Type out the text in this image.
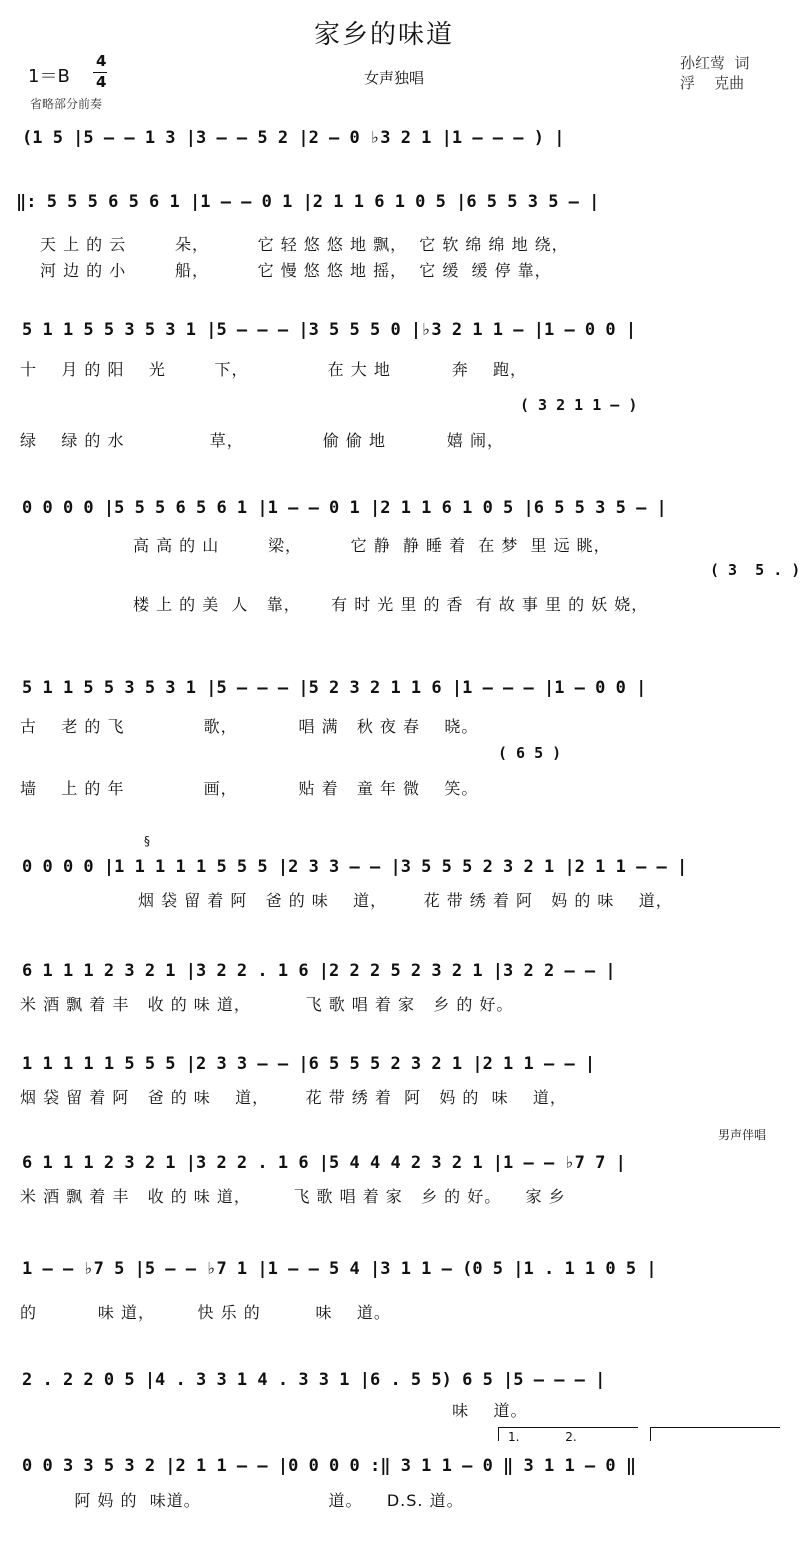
家乡的味道
1＝B
4
4	女声独唱
孙红莺  词
浮    克曲
省略部分前奏
(1 5 |5 – – 1 3 |3 – – 5 2 |2 – 0 ♭3 2 1 |1 – – – ) |
‖: 5 5 5 6 5 6 1 |1 – – 0 1 |2 1 1 6 1 0 5 |6 5 5 3 5 – |
天 上 的 云        朵，        它 轻 悠 悠 地 飘，  它 软 绵 绵 地 绕，
河 边 的 小        船，        它 慢 悠 悠 地 摇，  它 缓  缓 停 靠，
5 1 1 5 5 3 5 3 1 |5 – – – |3 5 5 5 0 |♭3 2 1 1 – |1 – 0 0 |
十    月 的 阳    光        下，             在 大 地          奔    跑，
( 3 2 1 1 – )
绿    绿 的 水              草，             偷 偷 地          嬉 闹，
0 0 0 0 |5 5 5 6 5 6 1 |1 – – 0 1 |2 1 1 6 1 0 5 |6 5 5 3 5 – |
高 高 的 山        梁，        它 静  静 睡 着  在 梦  里 远 眺，
( 3  5 . )
楼 上 的 美  人   靠，     有 时 光 里 的 香  有 故 事 里 的 妖 娆，
5 1 1 5 5 3 5 3 1 |5 – – – |5 2 3 2 1 1 6 |1 – – – |1 – 0 0 |
古    老 的 飞             歌，          唱 满   秋 夜 春    晓。
( 6 5 )
墙    上 的 年             画，          贴 着   童 年 微    笑。
§
0 0 0 0 |1 1 1 1 1 5 5 5 |2 3 3 – – |3 5 5 5 2 3 2 1 |2 1 1 – – |
烟 袋 留 着 阿   爸 的 味    道，      花 带 绣 着 阿   妈 的 味    道，
6 1 1 1 2 3 2 1 |3 2 2 . 1 6 |2 2 2 5 2 3 2 1 |3 2 2 – – |
米 酒 飘 着 丰   收 的 味 道，         飞 歌 唱 着 家   乡 的 好。
1 1 1 1 1 5 5 5 |2 3 3 – – |6 5 5 5 2 3 2 1 |2 1 1 – – |
烟 袋 留 着 阿   爸 的 味    道，      花 带 绣 着  阿   妈 的  味    道，
男声伴唱
6 1 1 1 2 3 2 1 |3 2 2 . 1 6 |5 4 4 4 2 3 2 1 |1 – – ♭7 7 |
米 酒 飘 着 丰   收 的 味 道，       飞 歌 唱 着 家   乡 的 好。    家 乡
1 – – ♭7 5 |5 – – ♭7 1 |1 – – 5 4 |3 1 1 – (0 5 |1 . 1 1 0 5 |
的          味 道，       快 乐 的         味    道。
2 . 2 2 0 5 |4 . 3 3 1 4 . 3 3 1 |6 . 5 5) 6 5 |5 – – – |
味    道。
1.            2.
0 0 3 3 5 3 2 |2 1 1 – – |0 0 0 0 :‖ 3 1 1 – 0 ‖ 3 1 1 – 0 ‖
阿 妈 的  味道。                     道。    D.S. 道。
